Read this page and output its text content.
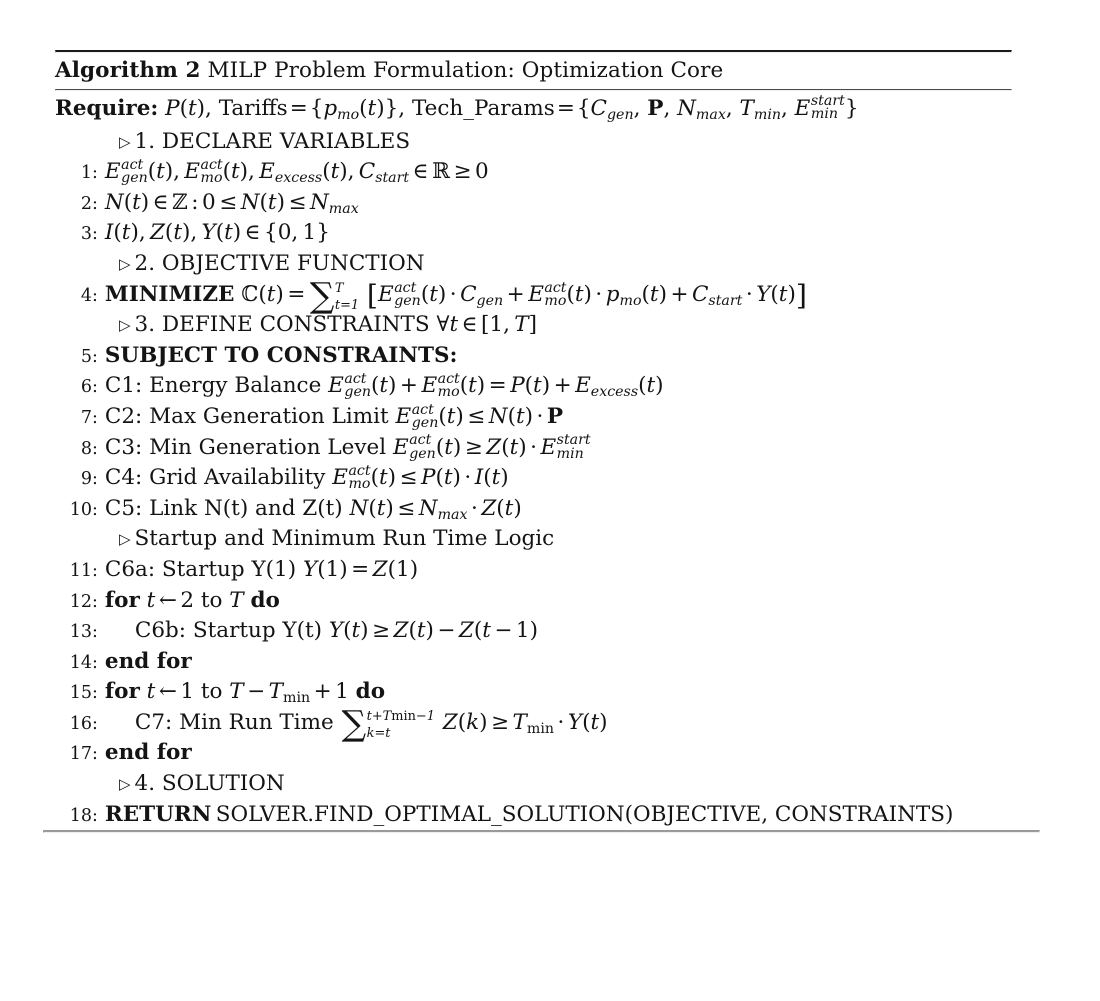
Algorithm 2 MILP Problem Formulation: Optimization Core
Require: P(t), $Tariffs=\{p_{mo}(t)\}$, $Tech\_Params=\{C_{gen}$, P, $N_{max}$, $T_{min}$, E start
min }
▷ 1. DECLARE VARIABLES
1 : E act
gen (t), E act
mo (t), $E_{excess}(t)$, $C_{start}$ ∈ ℝ ≥ 0
2 : N(t) ∈ ℤ : $0 \le N(t) \le N_{max}$
3 : I(t), Z(t), Y(t) ∈ {0, 1}
▷ 2. OBJECTIVE FUNCTION
4 : MINIMIZE ℂ(t) = ∑ T
t=1 [E act
gen $(t) \cdot C_{gen} + E$ act
mo $(t) \cdot p_{mo}(t) + C_{start} \cdot Y(t)$]
▷ 3. DEFINE CONSTRAINTS ∀t ∈ [1, T]
5 : SUBJECT TO CONSTRAINTS:
6 : C1: Energy Balance E act
gen (t) + E act
mo $(t) = P(t) + E_{excess}(t)$
7 : C2: Max Generation Limit E act
gen (t) ≤ N(t) · P
8 : C3: Min Generation Level E act
gen (t) ≥ Z(t) · E start
min
9 : C4: Grid Availability E act
mo (t) ≤ P(t) · I(t)
10 : C5: Link N(t) and Z(t) $N(t) \le N_{max} \cdot Z(t)$
▷ Startup and Minimum Run Time Logic
11 : C6a: Startup Y(1) Y(1) = Z(1)
12 : for t ← 2 to T do
13 :	C6b: Startup Y(t) Y(t) ≥ Z(t) − Z(t − 1)
14 : end for
15 : for t ← 1 to $T - T_{min} + 1$ do
16 :	C7: Min Run Time ∑ t+Tmin−1
k=t	$Z(k) \ge T_{min} \cdot Y(t)$
17 : end for
▷ 4. SOLUTION
18 : RETURN  SOLVER.FIND_OPTIMAL_SOLUTION(OBJECTIVE, CONSTRAINTS)
